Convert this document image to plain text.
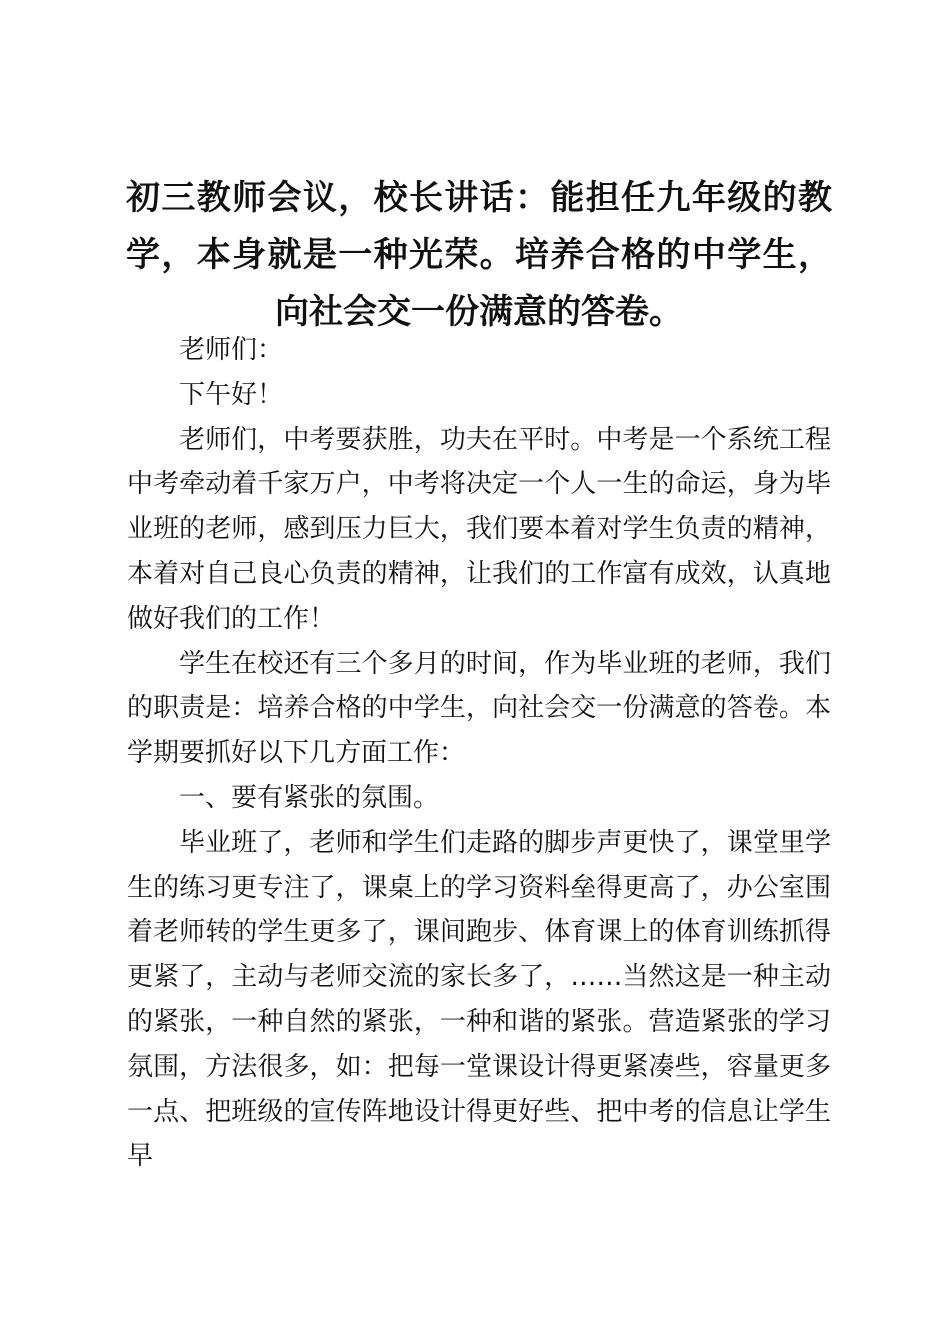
初三教师会议，校长讲话：能担任九年级的教学，本身就是一种光荣。培养合格的中学生，向社会交一份满意的答卷。

老师们：

下午好！

老师们，中考要获胜，功夫在平时。中考是一个系统工程中考牵动着千家万户，中考将决定一个人一生的命运，身为毕业班的老师，感到压力巨大，我们要本着对学生负责的精神，本着对自己良心负责的精神，让我们的工作富有成效，认真地做好我们的工作！

学生在校还有三个多月的时间，作为毕业班的老师，我们的职责是：培养合格的中学生，向社会交一份满意的答卷。本学期要抓好以下几方面工作：

一、要有紧张的氛围。

毕业班了，老师和学生们走路的脚步声更快了，课堂里学生的练习更专注了，课桌上的学习资料垒得更高了，办公室围着老师转的学生更多了，课间跑步、体育课上的体育训练抓得更紧了，主动与老师交流的家长多了，……当然这是一种主动的紧张，一种自然的紧张，一种和谐的紧张。营造紧张的学习氛围，方法很多，如：把每一堂课设计得更紧凑些，容量更多一点、把班级的宣传阵地设计得更好些、把中考的信息让学生早
